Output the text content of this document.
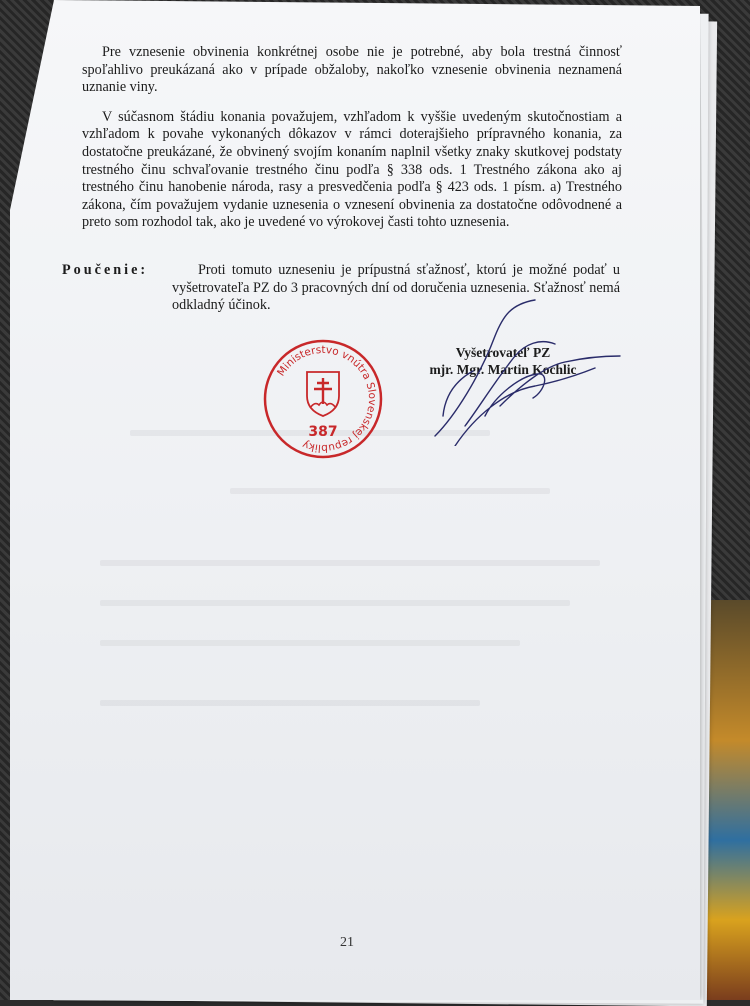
Pre vznesenie obvinenia konkrétnej osobe nie je potrebné, aby bola trestná činnosť spoľahlivo preukázaná ako v prípade obžaloby, nakoľko vznesenie obvinenia neznamená uznanie viny.

V súčasnom štádiu konania považujem, vzhľadom k vyššie uvedeným skutočnostiam a vzhľadom k povahe vykonaných dôkazov v rámci doterajšieho prípravného konania, za dostatočne preukázané, že obvinený svojím konaním naplnil všetky znaky skutkovej podstaty trestného činu schvaľovanie trestného činu podľa § 338 ods. 1 Trestného zákona ako aj trestného činu hanobenie národa, rasy a presvedčenia podľa § 423 ods. 1 písm. a) Trestného zákona, čím považujem vydanie uznesenia o vznesení obvinenia za dostatočne odôvodnené a preto som rozhodol tak, ako je uvedené vo výrokovej časti tohto uznesenia.

Poučenie:	Proti tomuto uzneseniu je prípustná sťažnosť, ktorú je možné podať u vyšetrovateľa PZ do 3 pracovných dní od doručenia uznesenia. Sťažnosť nemá odkladný účinok.
Ministerstvo vnútra Slovenskej republiky
387
Vyšetrovateľ PZ
mjr. Mgr. Martin Kochlic
21
